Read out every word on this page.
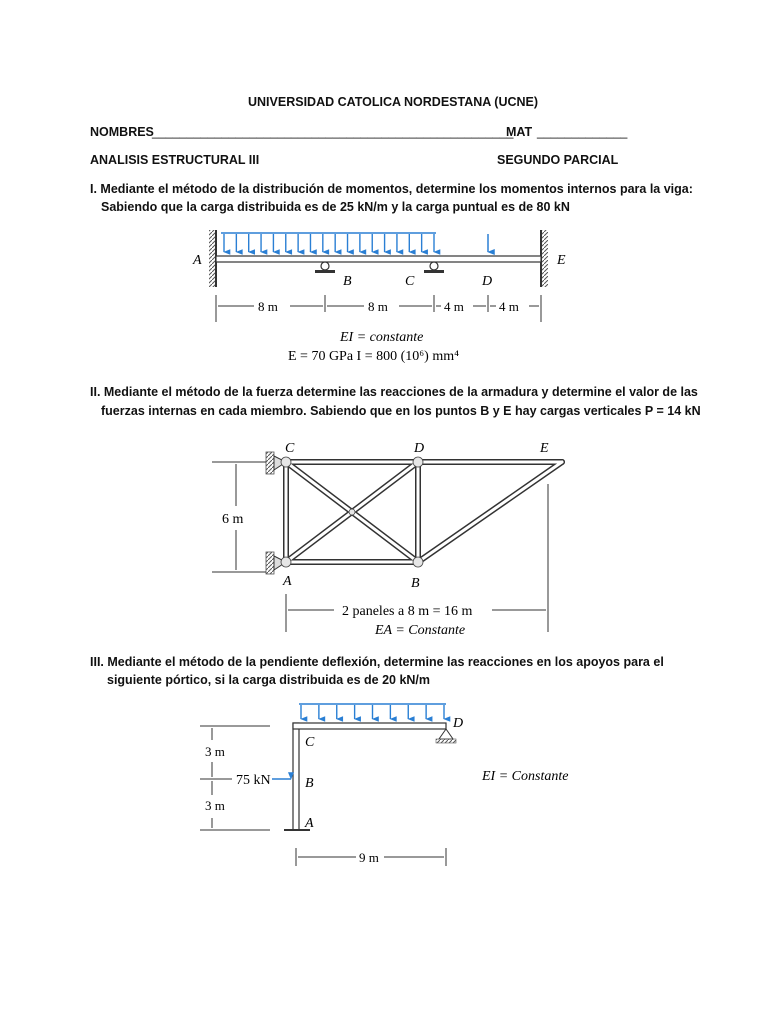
UNIVERSIDAD CATOLICA NORDESTANA (UCNE)
NOMBRES
____________________________________________________
MAT _____________
ANALISIS ESTRUCTURAL III	SEGUNDO PARCIAL
I. Mediante el método de la distribución de momentos, determine los momentos internos para la viga:
Sabiendo que la carga distribuida es de 25 kN/m y la carga puntual es de 80 kN
II. Mediante el método de la fuerza determine las reacciones de la armadura y determine el valor de las
fuerzas internas en cada miembro. Sabiendo que en los puntos B y E hay cargas verticales P = 14 kN
III. Mediante el método de la pendiente deflexión, determine las reacciones en los apoyos para el
siguiente pórtico, si la carga distribuida es de 20 kN/m
A
B	C	D
E
8 m	8 m	4 m	4 m
EI = constante
E = 70 GPa I = 800 (10⁶) mm⁴
C	D	E
A	B
6 m
2 paneles a 8 m = 16 m
EA = Constante
C
D
B
A
3 m
3 m
75 kN
9 m
EI = Constante
